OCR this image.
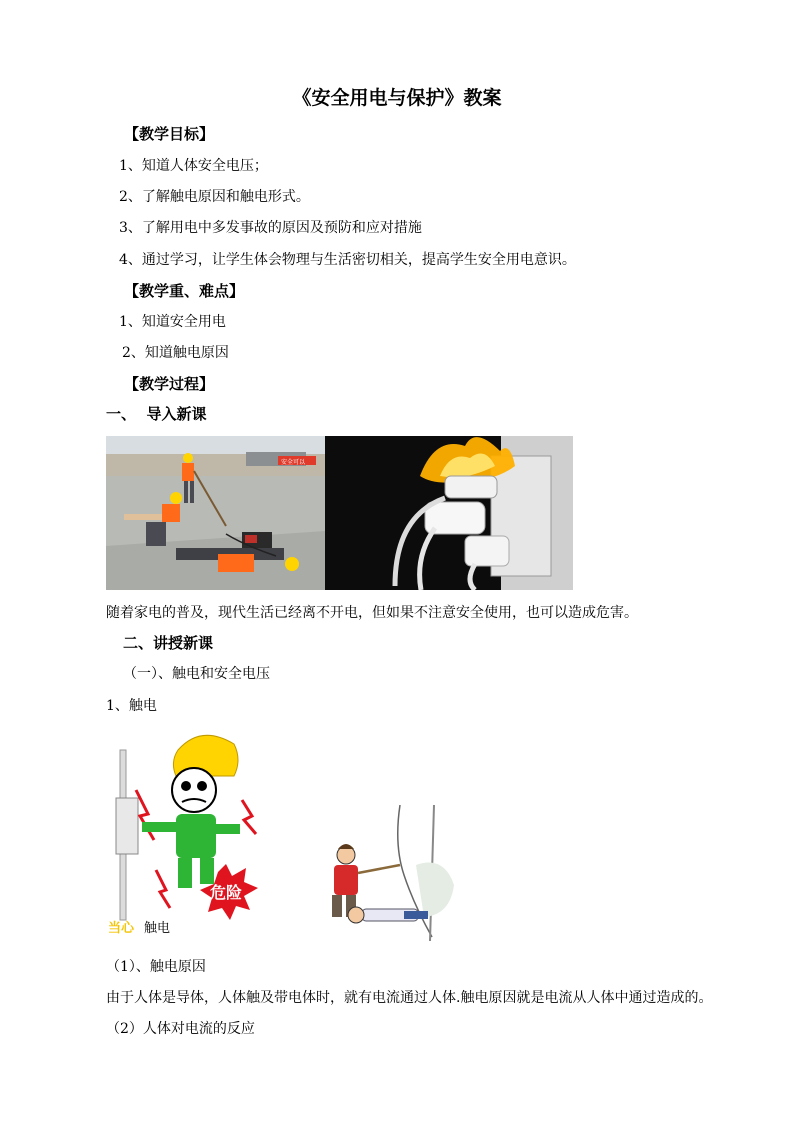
《安全用电与保护》教案
【教学目标】
1、知道人体安全电压；
2、了解触电原因和触电形式。
3、了解用电中多发事故的原因及预防和应对措施
4、通过学习，让学生体会物理与生活密切相关，提高学生安全用电意识。
【教学重、难点】
1、知道安全用电
2、知道触电原因
【教学过程】
一、  导入新课
安全可以
随着家电的普及，现代生活已经离不开电，但如果不注意安全使用，也可以造成危害。
二、讲授新课
（一）、触电和安全电压
1、触电
危险
当心 触电
（1）、触电原因
由于人体是导体，人体触及带电体时，就有电流通过人体.触电原因就是电流从人体中通过造成的。
（2）人体对电流的反应
